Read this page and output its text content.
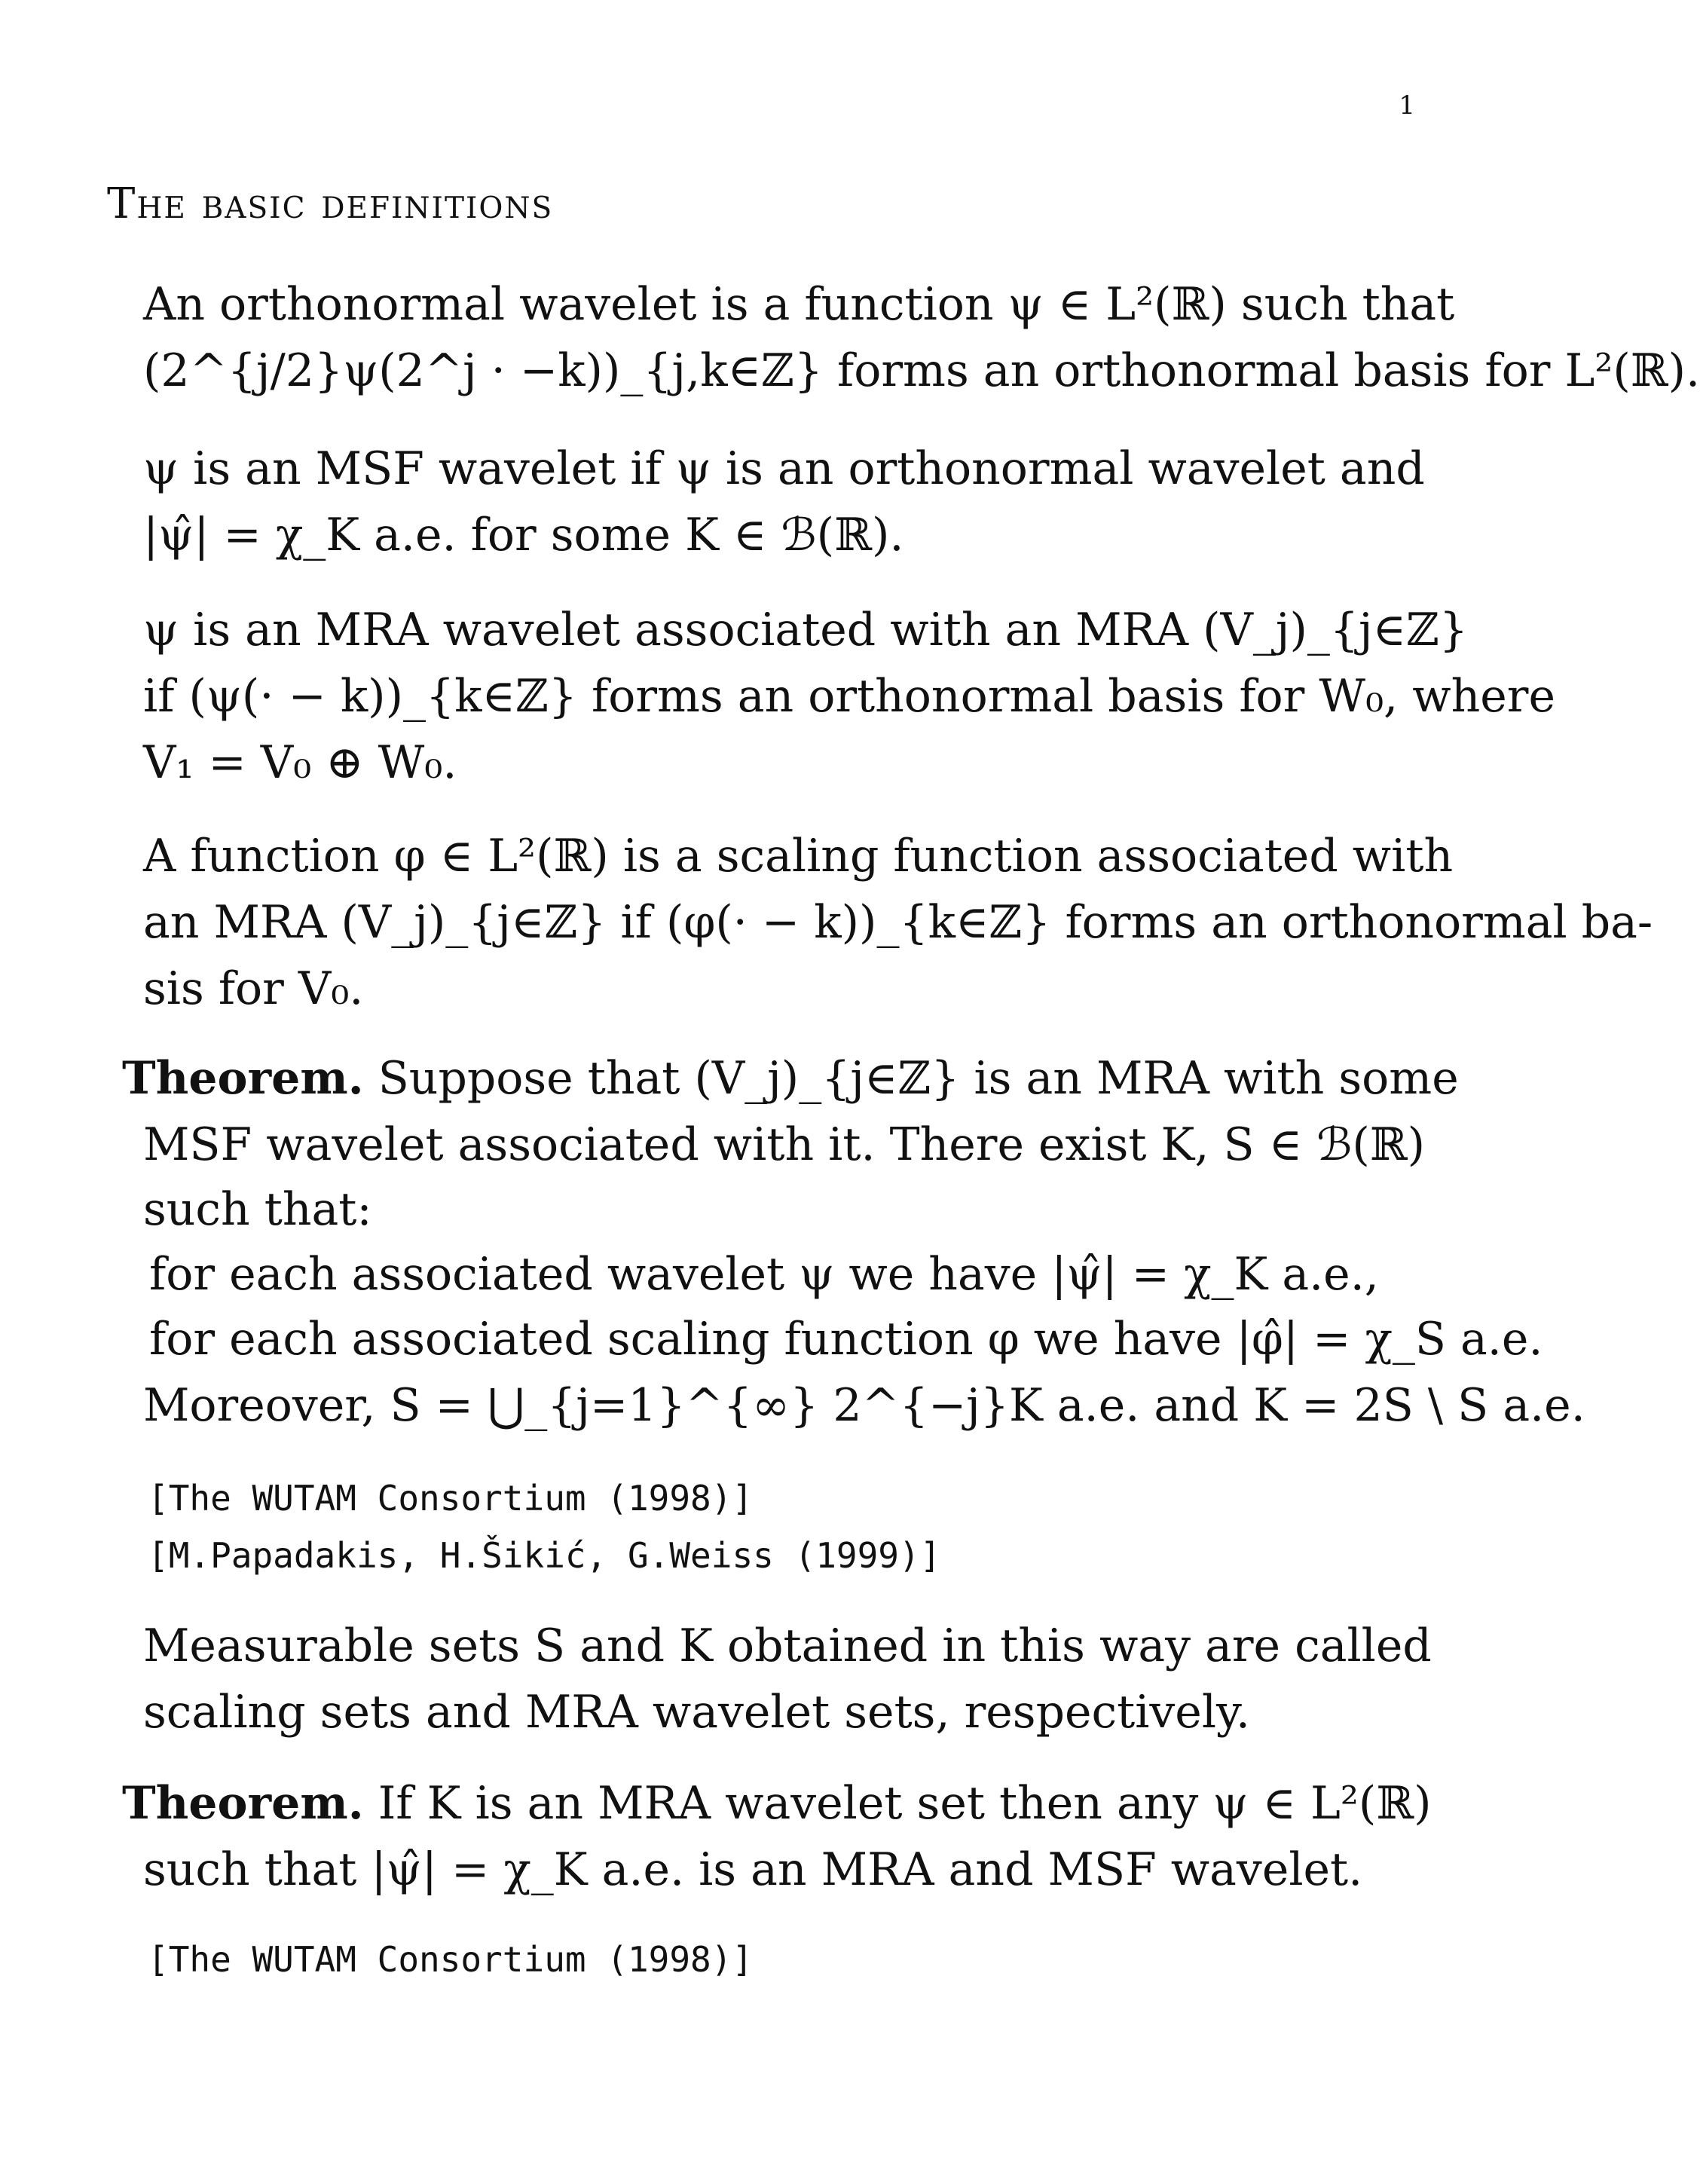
1
The basic definitions
An orthonormal wavelet is a function ψ ∈ L²(ℝ) such that
(2^{j/2}ψ(2^j · −k))_{j,k∈ℤ} forms an orthonormal basis for L²(ℝ).
ψ is an MSF wavelet if ψ is an orthonormal wavelet and
|ψ̂| = χ_K a.e. for some K ∈ ℬ(ℝ).
ψ is an MRA wavelet associated with an MRA (V_j)_{j∈ℤ}
if (ψ(· − k))_{k∈ℤ} forms an orthonormal basis for W₀, where
V₁ = V₀ ⊕ W₀.
A function φ ∈ L²(ℝ) is a scaling function associated with
an MRA (V_j)_{j∈ℤ} if (φ(· − k))_{k∈ℤ} forms an orthonormal ba-
sis for V₀.
Theorem. Suppose that (V_j)_{j∈ℤ} is an MRA with some
MSF wavelet associated with it. There exist K, S ∈ ℬ(ℝ)
such that:
for each associated wavelet ψ we have |ψ̂| = χ_K a.e.,
for each associated scaling function φ we have |φ̂| = χ_S a.e.
Moreover, S = ⋃_{j=1}^{∞} 2^{−j}K a.e. and K = 2S \ S a.e.
[The WUTAM Consortium (1998)]
[M.Papadakis, H.Šikić, G.Weiss (1999)]
Measurable sets S and K obtained in this way are called
scaling sets and MRA wavelet sets, respectively.
Theorem. If K is an MRA wavelet set then any ψ ∈ L²(ℝ)
such that |ψ̂| = χ_K a.e. is an MRA and MSF wavelet.
[The WUTAM Consortium (1998)]
